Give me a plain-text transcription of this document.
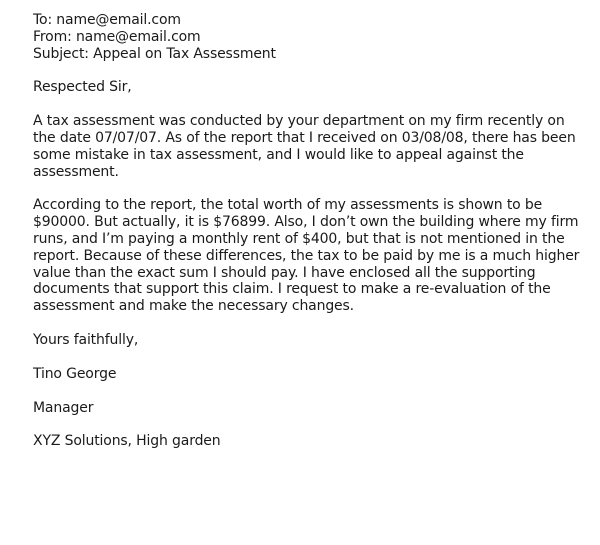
To: name@email.com
From: name@email.com
Subject: Appeal on Tax Assessment
Respected Sir,
A tax assessment was conducted by your department on my firm recently on
the date 07/07/07. As of the report that I received on 03/08/08, there has been
some mistake in tax assessment, and I would like to appeal against the
assessment.
According to the report, the total worth of my assessments is shown to be
$90000. But actually, it is $76899. Also, I don’t own the building where my firm
runs, and I’m paying a monthly rent of $400, but that is not mentioned in the
report. Because of these differences, the tax to be paid by me is a much higher
value than the exact sum I should pay. I have enclosed all the supporting
documents that support this claim. I request to make a re-evaluation of the
assessment and make the necessary changes.
Yours faithfully,
Tino George
Manager
XYZ Solutions, High garden
